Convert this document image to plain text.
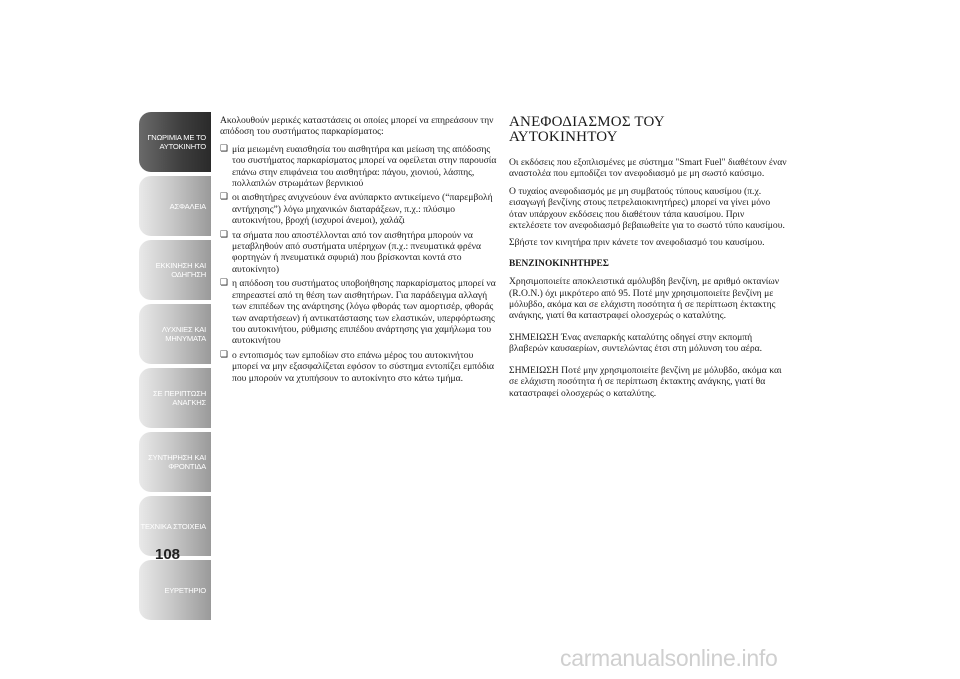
ΓΝΩΡΙΜΙΑ ΜΕ ΤΟ
ΑΥΤΟΚΙΝΗΤΟ
ΑΣΦΑΛΕΙΑ
ΕΚΚΙΝΗΣΗ ΚΑΙ
ΟΔΗΓΗΣΗ
ΛΥΧΝΙΕΣ ΚΑΙ
ΜΗΝΥΜΑΤΑ
ΣΕ ΠΕΡΙΠΤΩΣΗ
ΑΝΑΓΚΗΣ
ΣΥΝΤΗΡΗΣΗ ΚΑΙ
ΦΡΟΝΤΙΔΑ
ΤΕΧΝΙΚΑ ΣΤΟΙΧΕΙΑ
ΕΥΡΕΤΗΡΙΟ
108

Ακολουθούν μερικές καταστάσεις οι οποίες μπορεί να επηρεάσουν την απόδοση του συστήματος παρκαρίσματος:

❏ μία μειωμένη ευαισθησία του αισθητήρα και μείωση της απόδοσης του συστήματος παρκαρίσματος μπορεί να οφείλεται στην παρουσία επάνω στην επιφάνεια του αισθητήρα: πάγου, χιονιού, λάσπης, πολλαπλών στρωμάτων βερνικιού

❏ οι αισθητήρες ανιχνεύουν ένα ανύπαρκτο αντικείμενο (“παρεμβολή αντήχησης”) λόγω μηχανικών διαταράξεων, π.χ.: πλύσιμο αυτοκινήτου, βροχή (ισχυροί άνεμοι), χαλάζι

❏ τα σήματα που αποστέλλονται από τον αισθητήρα μπορούν να μεταβληθούν από συστήματα υπέρηχων (π.χ.: πνευματικά φρένα φορτηγών ή πνευματικά σφυριά) που βρίσκονται κοντά στο αυτοκίνητο)

❏ η απόδοση του συστήματος υποβοήθησης παρκαρίσματος μπορεί να επηρεαστεί από τη θέση των αισθητήρων. Για παράδειγμα αλλαγή των επιπέδων της ανάρτησης (λόγω φθοράς των αμορτισέρ, φθοράς των αναρτήσεων) ή αντικατάστασης των ελαστικών, υπερφόρτωσης του αυτοκινήτου, ρύθμισης επιπέδου ανάρτησης για χαμήλωμα του αυτοκινήτου

❏ ο εντοπισμός των εμποδίων στο επάνω μέρος του αυτοκινήτου μπορεί να μην εξασφαλίζεται εφόσον το σύστημα εντοπίζει εμπόδια που μπορούν να χτυπήσουν το αυτοκίνητο στο κάτω τμήμα.

ΑΝΕΦΟΔΙΑΣΜΟΣ ΤΟΥ
ΑΥΤΟΚΙΝΗΤΟΥ

Οι εκδόσεις που εξοπλισμένες με σύστημα "Smart Fuel" διαθέτουν έναν αναστολέα που εμποδίζει τον ανεφοδιασμό με μη σωστό καύσιμο.

Ο τυχαίος ανεφοδιασμός με μη συμβατούς τύπους καυσίμου (π.χ. εισαγωγή βενζίνης στους πετρελαιοκινητήρες) μπορεί να γίνει μόνο όταν υπάρχουν εκδόσεις που διαθέτουν τάπα καυσίμου. Πριν εκτελέσετε τον ανεφοδιασμό βεβαιωθείτε για το σωστό τύπο καυσίμου.

Σβήστε τον κινητήρα πριν κάνετε τον ανεφοδιασμό του καυσίμου.

ΒΕΝΖΙΝΟΚΙΝΗΤΗΡΕΣ

Χρησιμοποιείτε αποκλειστικά αμόλυβδη βενζίνη, με αριθμό οκτανίων (R.O.N.) όχι μικρότερο από 95. Ποτέ μην χρησιμοποιείτε βενζίνη με μόλυβδο, ακόμα και σε ελάχιστη ποσότητα ή σε περίπτωση έκτακτης ανάγκης, γιατί θα καταστραφεί ολοσχερώς ο καταλύτης.

ΣΗΜΕΙΩΣΗ Ένας ανεπαρκής καταλύτης οδηγεί στην εκπομπή βλαβερών καυσαερίων, συντελώντας έτσι στη μόλυνση του αέρα.

ΣΗΜΕΙΩΣΗ Ποτέ μην χρησιμοποιείτε βενζίνη με μόλυβδο, ακόμα και σε ελάχιστη ποσότητα ή σε περίπτωση έκτακτης ανάγκης, γιατί θα καταστραφεί ολοσχερώς ο καταλύτης.

carmanualsonline.info
